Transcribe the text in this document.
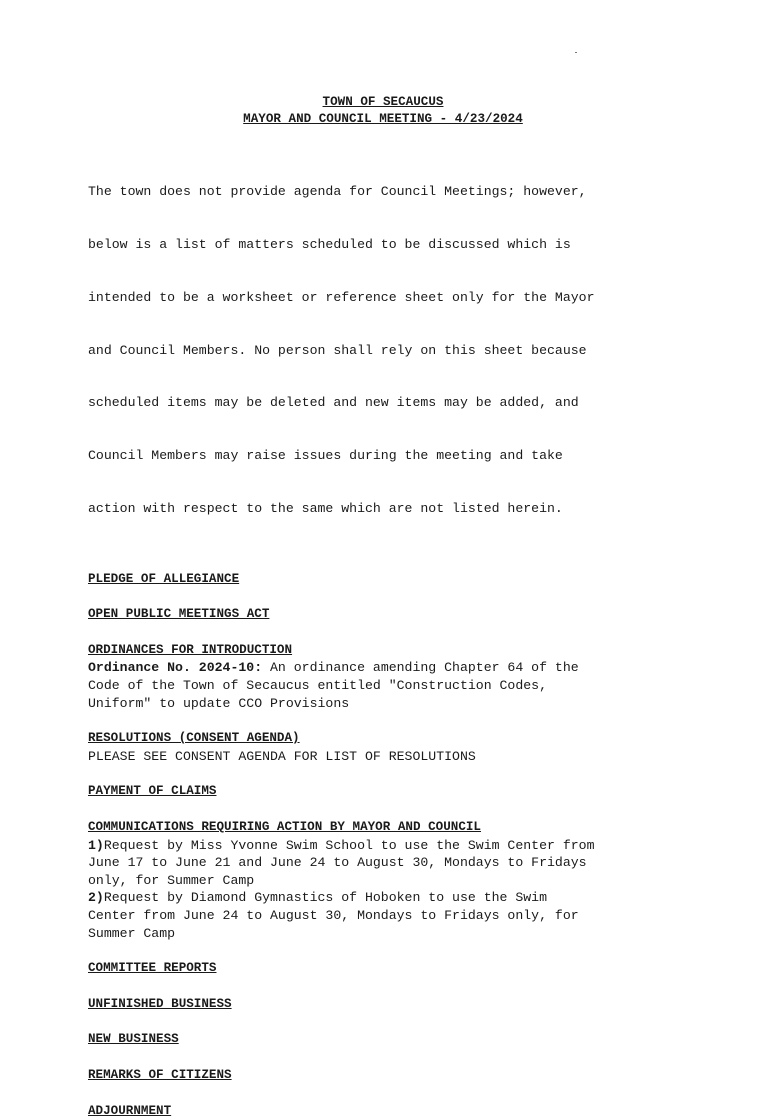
TOWN OF SECAUCUS
MAYOR AND COUNCIL MEETING - 4/23/2024

The town does not provide agenda for Council Meetings; however,

below is a list of matters scheduled to be discussed which is

intended to be a worksheet or reference sheet only for the Mayor

and Council Members. No person shall rely on this sheet because

scheduled items may be deleted and new items may be added, and

Council Members may raise issues during the meeting and take

action with respect to the same which are not listed herein.

PLEDGE OF ALLEGIANCE
OPEN PUBLIC MEETINGS ACT
ORDINANCES FOR INTRODUCTION
Ordinance No. 2024-10: An ordinance amending Chapter 64 of the
Code of the Town of Secaucus entitled "Construction Codes,
Uniform" to update CCO Provisions
RESOLUTIONS (CONSENT AGENDA)
PLEASE SEE CONSENT AGENDA FOR LIST OF RESOLUTIONS
PAYMENT OF CLAIMS
COMMUNICATIONS REQUIRING ACTION BY MAYOR AND COUNCIL
1)Request by Miss Yvonne Swim School to use the Swim Center from
June 17 to June 21 and June 24 to August 30, Mondays to Fridays
only, for Summer Camp
2)Request by Diamond Gymnastics of Hoboken to use the Swim
Center from June 24 to August 30, Mondays to Fridays only, for
Summer Camp
COMMITTEE REPORTS
UNFINISHED BUSINESS
NEW BUSINESS
REMARKS OF CITIZENS
ADJOURNMENT
